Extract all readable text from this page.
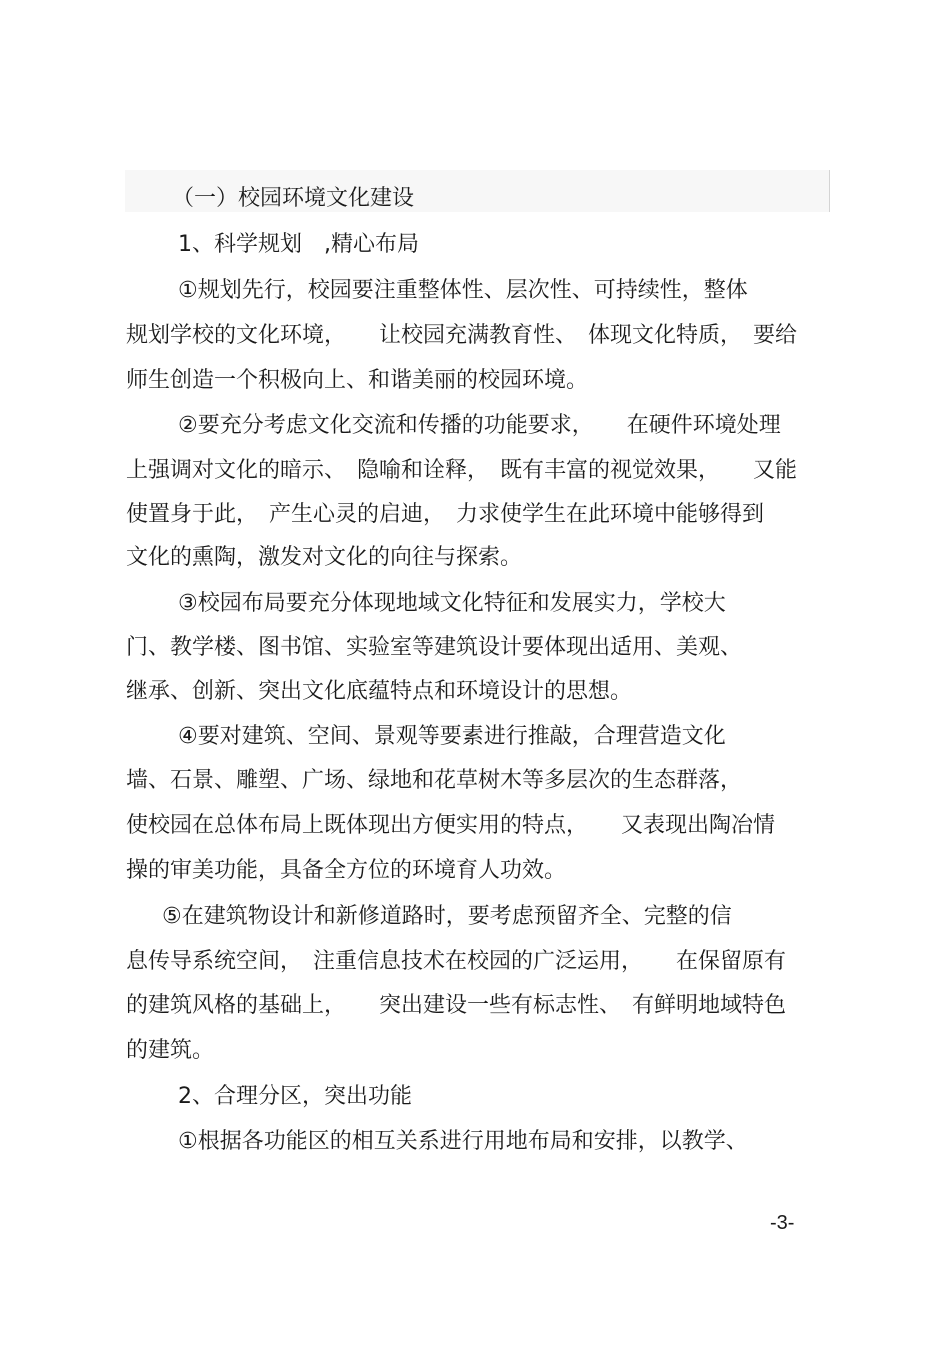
（一）校园环境文化建设
1、科学规划　,精心布局
①规划先行，校园要注重整体性、层次性、可持续性，整体
规划学校的文化环境，　　让校园充满教育性、　体现文化特质，　要给
师生创造一个积极向上、和谐美丽的校园环境。
②要充分考虑文化交流和传播的功能要求，　　在硬件环境处理
上强调对文化的暗示、　隐喻和诠释，　既有丰富的视觉效果，　　又能
使置身于此，　产生心灵的启迪，　力求使学生在此环境中能够得到
文化的熏陶，激发对文化的向往与探索。
③校园布局要充分体现地域文化特征和发展实力，学校大
门、教学楼、图书馆、实验室等建筑设计要体现出适用、美观、
继承、创新、突出文化底蕴特点和环境设计的思想。
④要对建筑、空间、景观等要素进行推敲，合理营造文化
墙、石景、雕塑、广场、绿地和花草树木等多层次的生态群落，
使校园在总体布局上既体现出方便实用的特点，　　又表现出陶冶情
操的审美功能，具备全方位的环境育人功效。
⑤在建筑物设计和新修道路时，要考虑预留齐全、完整的信
息传导系统空间，　注重信息技术在校园的广泛运用，　　在保留原有
的建筑风格的基础上，　　突出建设一些有标志性、　有鲜明地域特色
的建筑。
2、合理分区，突出功能
①根据各功能区的相互关系进行用地布局和安排，以教学、
-3-
